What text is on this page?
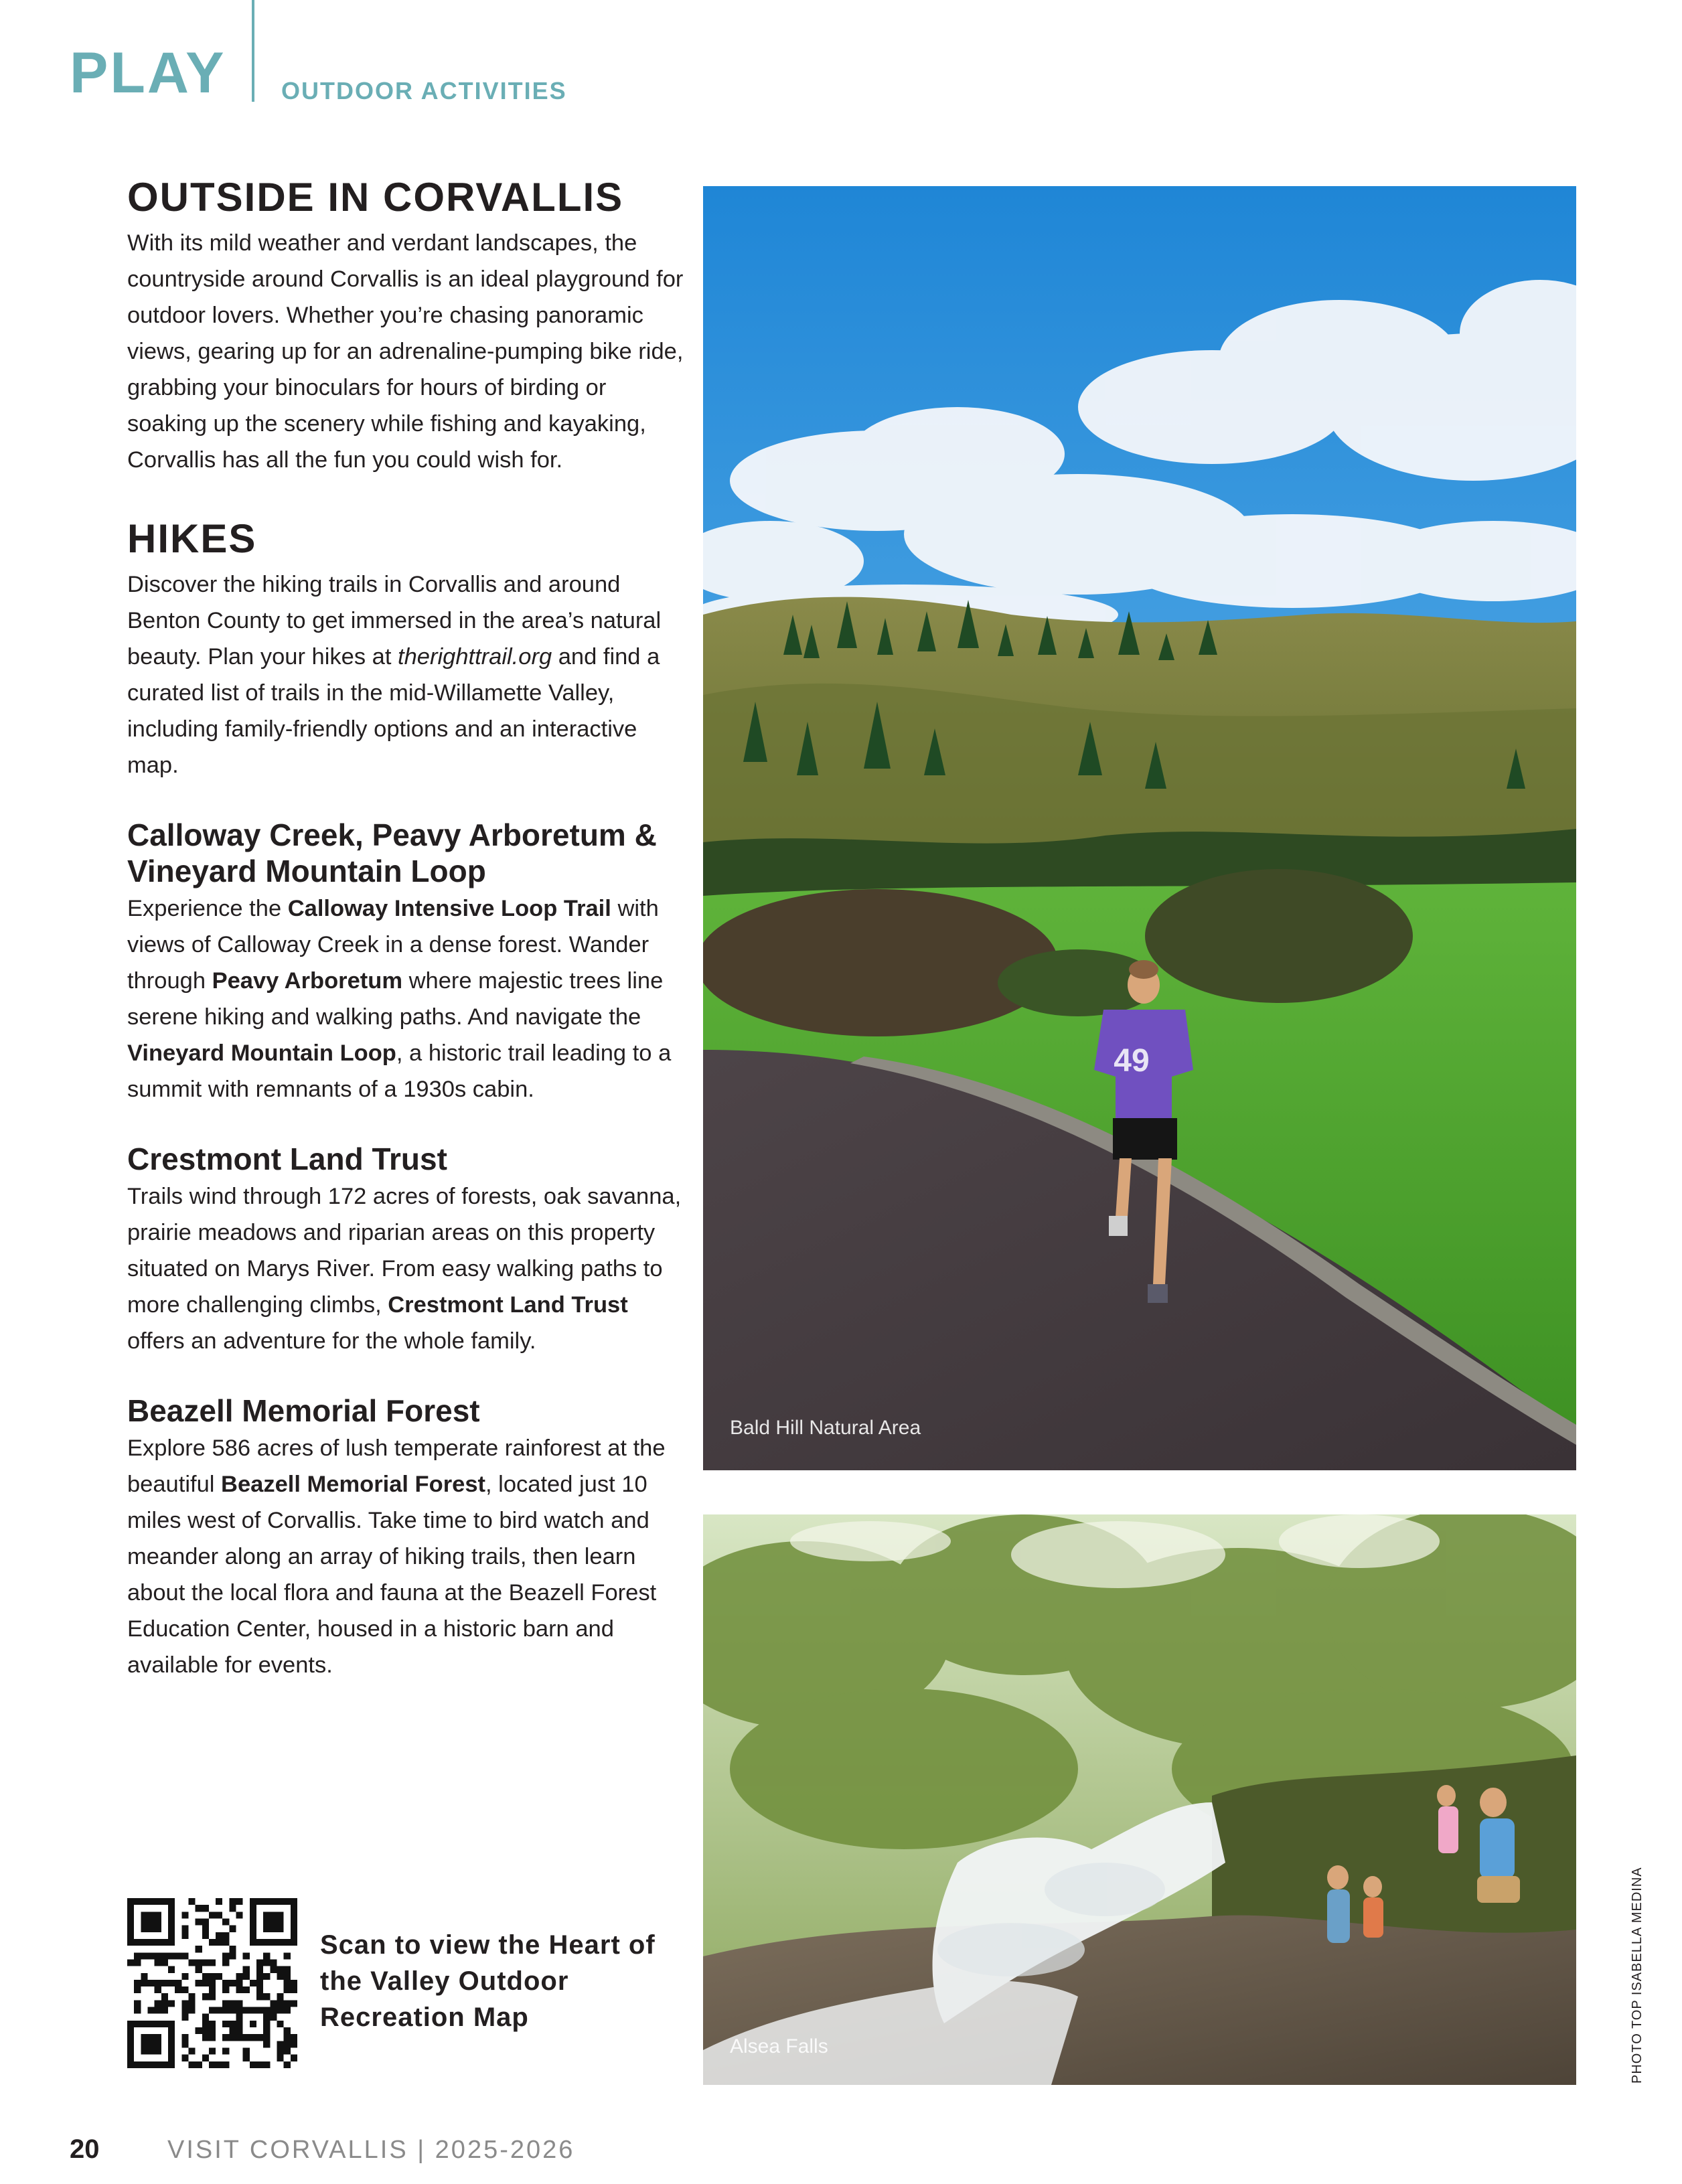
PLAY OUTDOOR ACTIVITIES
OUTSIDE IN CORVALLIS

With its mild weather and verdant landscapes, the countryside around Corvallis is an ideal playground for outdoor lovers. Whether you’re chasing panoramic views, gearing up for an adrenaline-pumping bike ride, grabbing your binoculars for hours of birding or soaking up the scenery while fishing and kayaking, Corvallis has all the fun you could wish for.

HIKES

Discover the hiking trails in Corvallis and around Benton County to get immersed in the area’s natural beauty. Plan your hikes at therighttrail.org and find a curated list of trails in the mid-Willamette Valley, including family-friendly options and an interactive map.

Calloway Creek, Peavy Arboretum & Vineyard Mountain Loop

Experience the Calloway Intensive Loop Trail with views of Calloway Creek in a dense forest. Wander through Peavy Arboretum where majestic trees line serene hiking and walking paths. And navigate the Vineyard Mountain Loop, a historic trail leading to a summit with remnants of a 1930s cabin.

Crestmont Land Trust

Trails wind through 172 acres of forests, oak savanna, prairie meadows and riparian areas on this property situated on Marys River. From easy walking paths to more challenging climbs, Crestmont Land Trust offers an adventure for the whole family.

Beazell Memorial Forest

Explore 586 acres of lush temperate rainforest at the beautiful Beazell Memorial Forest, located just 10 miles west of Corvallis. Take time to bird watch and meander along an array of hiking trails, then learn about the local flora and fauna at the Beazell Forest Education Center, housed in a historic barn and available for events.

Scan to view the Heart of the Valley Outdoor Recreation Map
49
Bald Hill Natural Area
Alsea Falls	PHOTO TOP ISABELLA MEDINA
20	VISIT CORVALLIS | 2025-2026
